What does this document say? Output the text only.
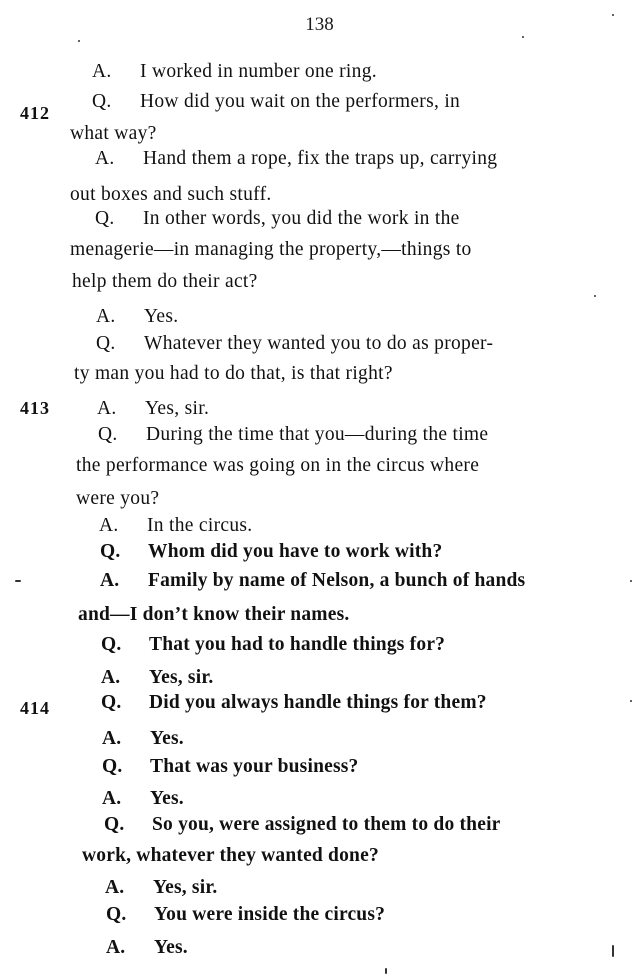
138
412
413
414
A. I worked in number one ring.
Q. How did you wait on the performers, in
what way?
A. Hand them a rope, fix the traps up, carrying
out boxes and such stuff.
Q. In other words, you did the work in the
menagerie—in managing the property,—things to
help them do their act?
A. Yes.
Q. Whatever they wanted you to do as proper-
ty man you had to do that, is that right?
A. Yes, sir.
Q. During the time that you—during the time
the performance was going on in the circus where
were you?
A. In the circus.
Q. Whom did you have to work with?
A. Family by name of Nelson, a bunch of hands
and—I don’t know their names.
Q. That you had to handle things for?
A. Yes, sir.
Q. Did you always handle things for them?
A. Yes.
Q. That was your business?
A. Yes.
Q. So you, were assigned to them to do their
work, whatever they wanted done?
A. Yes, sir.
Q. You were inside the circus?
A. Yes.
